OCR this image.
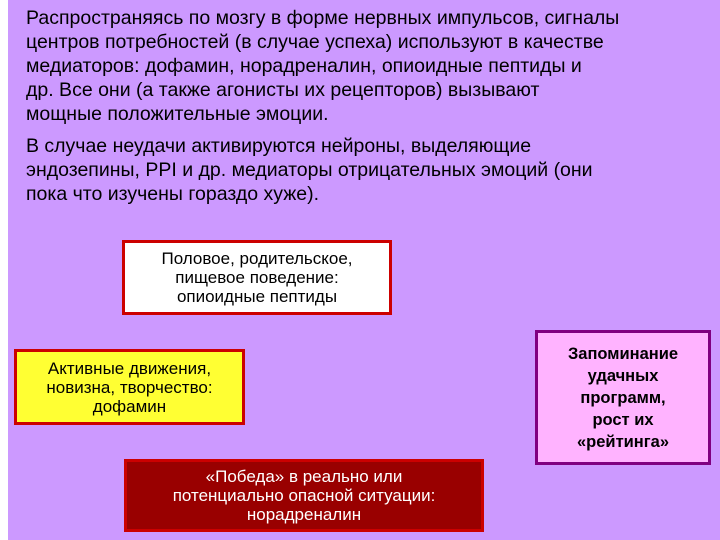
Распространяясь по мозгу в форме нервных импульсов, сигналы
центров потребностей (в случае успеха) используют в качестве
медиаторов: дофамин, норадреналин, опиоидные пептиды и
др. Все они (а также агонисты их рецепторов) вызывают
мощные положительные эмоции.
В случае неудачи активируются нейроны, выделяющие
эндозепины, PPI и др. медиаторы отрицательных эмоций (они
пока что изучены гораздо хуже).
Половое, родительское,
пищевое поведение:
опиоидные пептиды
Активные движения,
новизна, творчество:
дофамин
«Победа» в реально или
потенциально опасной ситуации:
норадреналин
Запоминание
удачных
программ,
рост их
«рейтинга»
